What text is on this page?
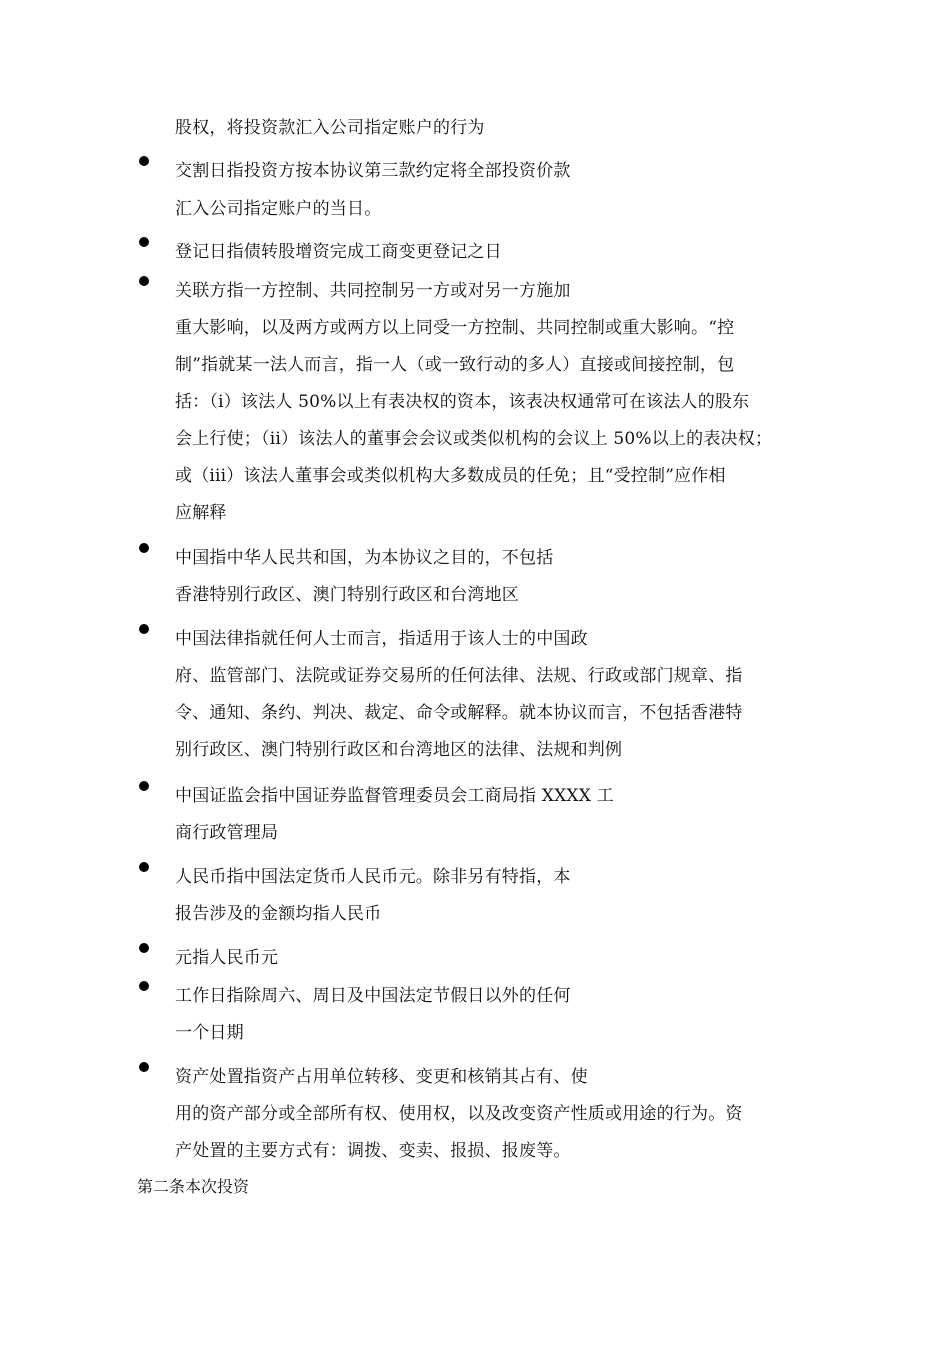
股权，将投资款汇入公司指定账户的行为
交割日指投资方按本协议第三款约定将全部投资价款
汇入公司指定账户的当日。
登记日指债转股增资完成工商变更登记之日
关联方指一方控制、共同控制另一方或对另一方施加
重大影响，以及两方或两方以上同受一方控制、共同控制或重大影响。“控
制”指就某一法人而言，指一人（或一致行动的多人）直接或间接控制，包
括：（i）该法人 50%以上有表决权的资本，该表决权通常可在该法人的股东
会上行使；（ii）该法人的董事会会议或类似机构的会议上 50%以上的表决权；
或（iii）该法人董事会或类似机构大多数成员的任免；且“受控制”应作相
应解释
中国指中华人民共和国，为本协议之目的，不包括
香港特别行政区、澳门特别行政区和台湾地区
中国法律指就任何人士而言，指适用于该人士的中国政
府、监管部门、法院或证券交易所的任何法律、法规、行政或部门规章、指
令、通知、条约、判决、裁定、命令或解释。就本协议而言，不包括香港特
别行政区、澳门特别行政区和台湾地区的法律、法规和判例
中国证监会指中国证券监督管理委员会工商局指 XXXX 工
商行政管理局
人民币指中国法定货币人民币元。除非另有特指，本
报告涉及的金额均指人民币
元指人民币元
工作日指除周六、周日及中国法定节假日以外的任何
一个日期
资产处置指资产占用单位转移、变更和核销其占有、使
用的资产部分或全部所有权、使用权，以及改变资产性质或用途的行为。资
产处置的主要方式有：调拨、变卖、报损、报废等。
第二条本次投资
